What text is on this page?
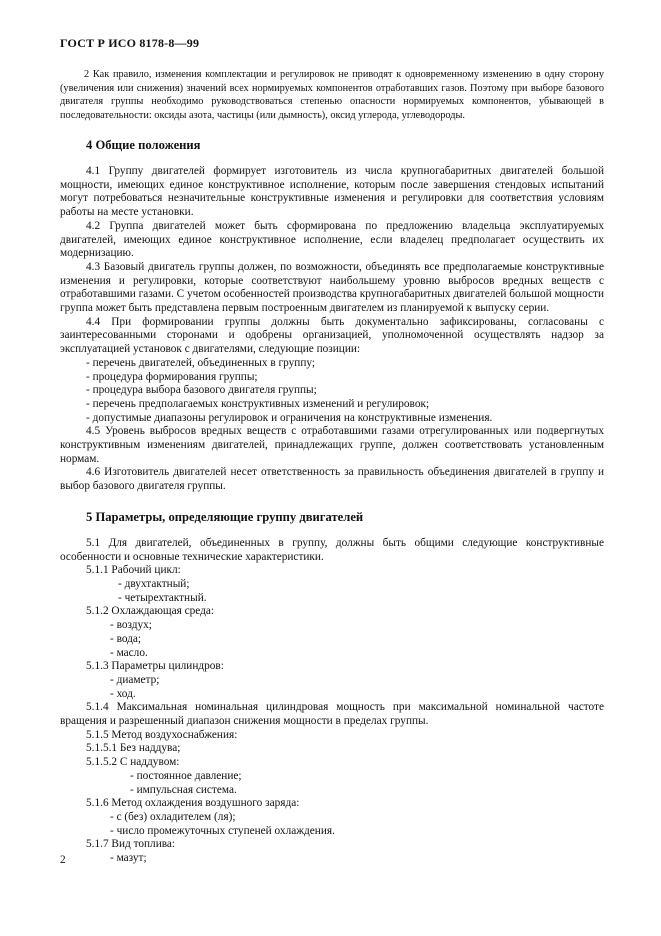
ГОСТ Р ИСО 8178-8—99

2 Как правило, изменения комплектации и регулировок не приводят к одновременному изменению в одну сторону (увеличения или снижения) значений всех нормируемых компонентов отработавших газов. Поэтому при выборе базового двигателя группы необходимо руководствоваться степенью опасности нормируемых компонентов, убывающей в последовательности: оксиды азота, частицы (или дымность), оксид углерода, углеводороды.

4 Общие положения

4.1 Группу двигателей формирует изготовитель из числа крупногабаритных двигателей большой мощности, имеющих единое конструктивное исполнение, которым после завершения стендовых испытаний могут потребоваться незначительные конструктивные изменения и регулировки для соответствия условиям работы на месте установки.

4.2 Группа двигателей может быть сформирована по предложению владельца эксплуатируемых двигателей, имеющих единое конструктивное исполнение, если владелец предполагает осуществить их модернизацию.

4.3 Базовый двигатель группы должен, по возможности, объединять все предполагаемые конструктивные изменения и регулировки, которые соответствуют наибольшему уровню выбросов вредных веществ с отработавшими газами. С учетом особенностей производства крупногабаритных двигателей большой мощности группа может быть представлена первым построенным двигателем из планируемой к выпуску серии.

4.4 При формировании группы должны быть документально зафиксированы, согласованы с заинтересованными сторонами и одобрены организацией, уполномоченной осуществлять надзор за эксплуатацией установок с двигателями, следующие позиции:

- перечень двигателей, объединенных в группу;

- процедура формирования группы;

- процедура выбора базового двигателя группы;

- перечень предполагаемых конструктивных изменений и регулировок;

- допустимые диапазоны регулировок и ограничения на конструктивные изменения.

4.5 Уровень выбросов вредных веществ с отработавшими газами отрегулированных или подвергнутых конструктивным изменениям двигателей, принадлежащих группе, должен соответствовать установленным нормам.

4.6 Изготовитель двигателей несет ответственность за правильность объединения двигателей в группу и выбор базового двигателя группы.

5 Параметры, определяющие группу двигателей

5.1 Для двигателей, объединенных в группу, должны быть общими следующие конструктивные особенности и основные технические характеристики.

5.1.1 Рабочий цикл:

- двухтактный;

- четырехтактный.

5.1.2 Охлаждающая среда:

- воздух;

- вода;

- масло.

5.1.3 Параметры цилиндров:

- диаметр;

- ход.

5.1.4 Максимальная номинальная цилиндровая мощность при максимальной номинальной частоте вращения и разрешенный диапазон снижения мощности в пределах группы.

5.1.5 Метод воздухоснабжения:

5.1.5.1 Без наддува;

5.1.5.2 С наддувом:

- постоянное давление;

- импульсная система.

5.1.6 Метод охлаждения воздушного заряда:

- с (без) охладителем (ля);

- число промежуточных ступеней охлаждения.

5.1.7 Вид топлива:

- мазут;

2
